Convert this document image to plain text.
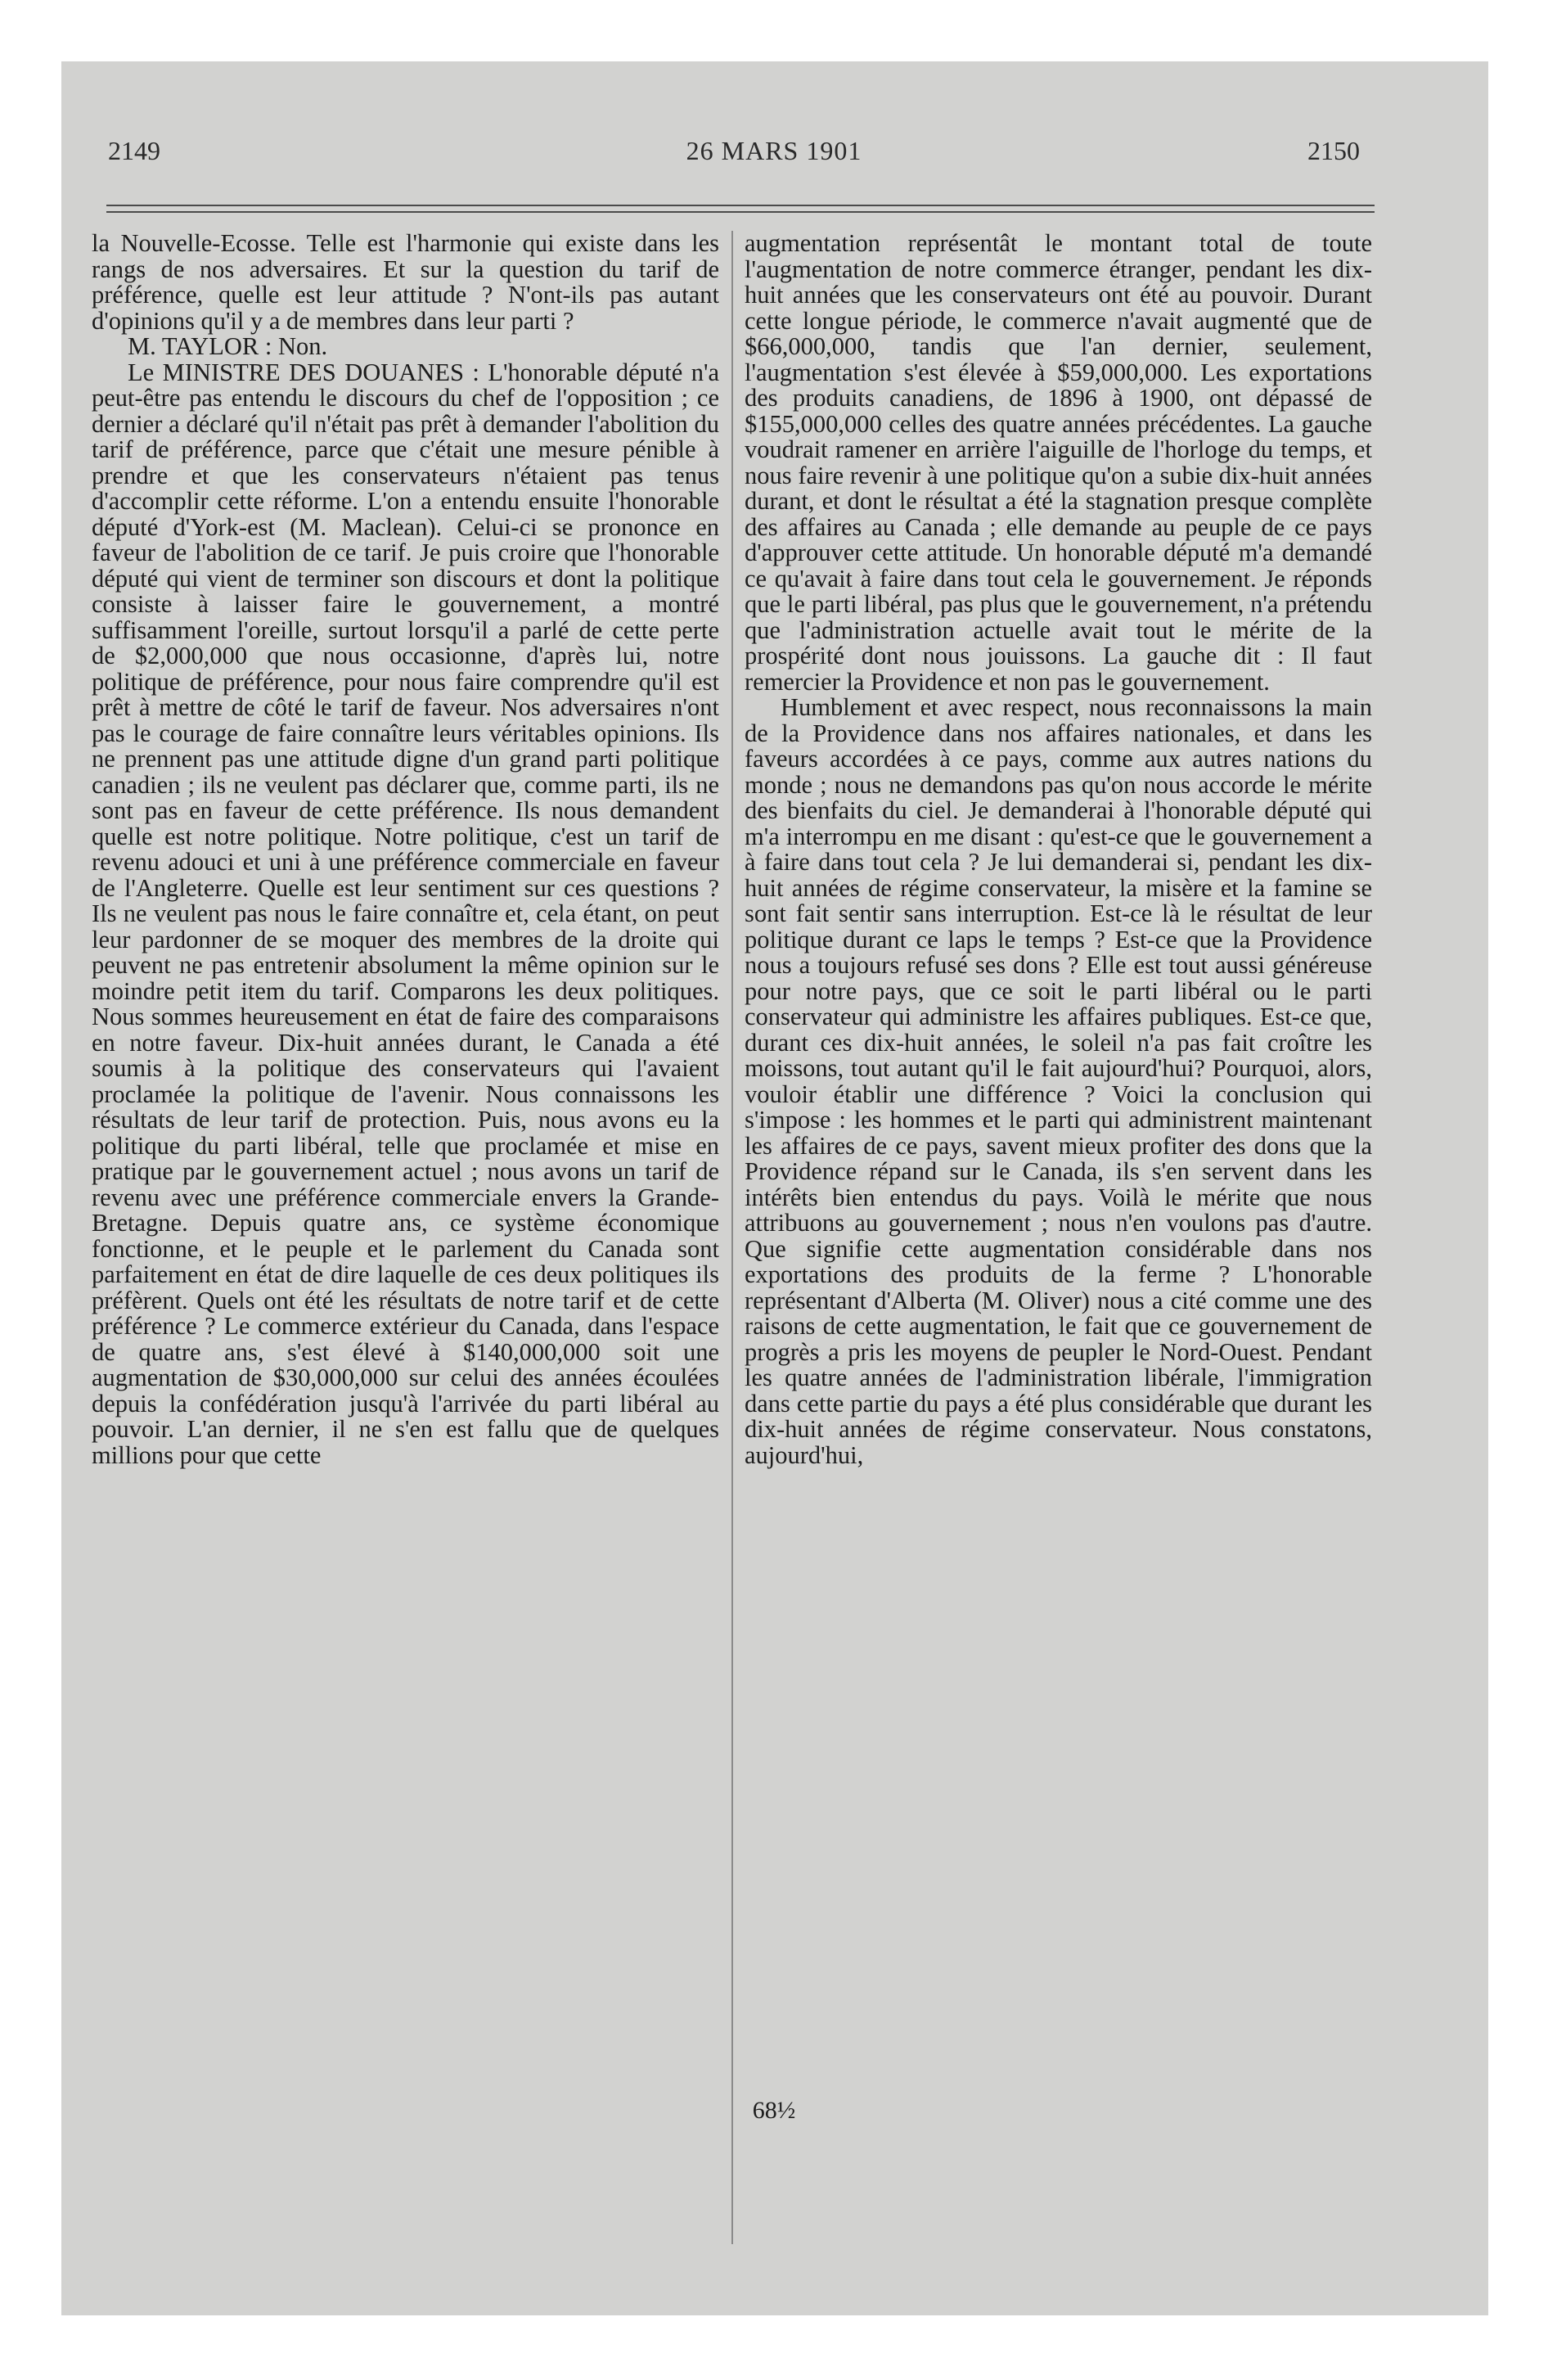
2149	26 MARS 1901	2150

la Nouvelle-Ecosse. Telle est l'harmonie qui existe dans les rangs de nos adversaires. Et sur la question du tarif de préférence, quelle est leur attitude ? N'ont-ils pas autant d'opinions qu'il y a de membres dans leur parti ?

M. TAYLOR : Non.

Le MINISTRE DES DOUANES : L'honorable député n'a peut-être pas entendu le discours du chef de l'opposition ; ce dernier a déclaré qu'il n'était pas prêt à demander l'abolition du tarif de préférence, parce que c'était une mesure pénible à prendre et que les conservateurs n'étaient pas tenus d'accomplir cette réforme. L'on a entendu ensuite l'honorable député d'York-est (M. Maclean). Celui-ci se prononce en faveur de l'abolition de ce tarif. Je puis croire que l'honorable député qui vient de terminer son discours et dont la politique consiste à laisser faire le gouvernement, a montré suffisamment l'oreille, surtout lorsqu'il a parlé de cette perte de $2,000,000 que nous occasionne, d'après lui, notre politique de préférence, pour nous faire comprendre qu'il est prêt à mettre de côté le tarif de faveur. Nos adversaires n'ont pas le courage de faire connaître leurs véritables opinions. Ils ne prennent pas une attitude digne d'un grand parti politique canadien ; ils ne veulent pas déclarer que, comme parti, ils ne sont pas en faveur de cette préférence. Ils nous demandent quelle est notre politique. Notre politique, c'est un tarif de revenu adouci et uni à une préférence commerciale en faveur de l'Angleterre. Quelle est leur sentiment sur ces questions ? Ils ne veulent pas nous le faire connaître et, cela étant, on peut leur pardonner de se moquer des membres de la droite qui peuvent ne pas entretenir absolument la même opinion sur le moindre petit item du tarif. Comparons les deux politiques. Nous sommes heureusement en état de faire des comparaisons en notre faveur. Dix-huit années durant, le Canada a été soumis à la politique des conservateurs qui l'avaient proclamée la politique de l'avenir. Nous connaissons les résultats de leur tarif de protection. Puis, nous avons eu la politique du parti libéral, telle que proclamée et mise en pratique par le gouvernement actuel ; nous avons un tarif de revenu avec une préférence commerciale envers la Grande-Bretagne. Depuis quatre ans, ce système économique fonctionne, et le peuple et le parlement du Canada sont parfaitement en état de dire laquelle de ces deux politiques ils préfèrent. Quels ont été les résultats de notre tarif et de cette préférence ? Le commerce extérieur du Canada, dans l'espace de quatre ans, s'est élevé à $140,000,000 soit une augmentation de $30,000,000 sur celui des années écoulées depuis la confédération jusqu'à l'arrivée du parti libéral au pouvoir. L'an dernier, il ne s'en est fallu que de quelques millions pour que cette

augmentation représentât le montant total de toute l'augmentation de notre commerce étranger, pendant les dix-huit années que les conservateurs ont été au pouvoir. Durant cette longue période, le commerce n'avait augmenté que de $66,000,000, tandis que l'an dernier, seulement, l'augmentation s'est élevée à $59,000,000. Les exportations des produits canadiens, de 1896 à 1900, ont dépassé de $155,000,000 celles des quatre années précédentes. La gauche voudrait ramener en arrière l'aiguille de l'horloge du temps, et nous faire revenir à une politique qu'on a subie dix-huit années durant, et dont le résultat a été la stagnation presque complète des affaires au Canada ; elle demande au peuple de ce pays d'approuver cette attitude. Un honorable député m'a demandé ce qu'avait à faire dans tout cela le gouvernement. Je réponds que le parti libéral, pas plus que le gouvernement, n'a prétendu que l'administration actuelle avait tout le mérite de la prospérité dont nous jouissons. La gauche dit : Il faut remercier la Providence et non pas le gouvernement.

Humblement et avec respect, nous reconnaissons la main de la Providence dans nos affaires nationales, et dans les faveurs accordées à ce pays, comme aux autres nations du monde ; nous ne demandons pas qu'on nous accorde le mérite des bienfaits du ciel. Je demanderai à l'honorable député qui m'a interrompu en me disant : qu'est-ce que le gouvernement a à faire dans tout cela ? Je lui demanderai si, pendant les dix-huit années de régime conservateur, la misère et la famine se sont fait sentir sans interruption. Est-ce là le résultat de leur politique durant ce laps le temps ? Est-ce que la Providence nous a toujours refusé ses dons ? Elle est tout aussi généreuse pour notre pays, que ce soit le parti libéral ou le parti conservateur qui administre les affaires publiques. Est-ce que, durant ces dix-huit années, le soleil n'a pas fait croître les moissons, tout autant qu'il le fait aujourd'hui? Pourquoi, alors, vouloir établir une différence ? Voici la conclusion qui s'impose : les hommes et le parti qui administrent maintenant les affaires de ce pays, savent mieux profiter des dons que la Providence répand sur le Canada, ils s'en servent dans les intérêts bien entendus du pays. Voilà le mérite que nous attribuons au gouvernement ; nous n'en voulons pas d'autre. Que signifie cette augmentation considérable dans nos exportations des produits de la ferme ? L'honorable représentant d'Alberta (M. Oliver) nous a cité comme une des raisons de cette augmentation, le fait que ce gouvernement de progrès a pris les moyens de peupler le Nord-Ouest. Pendant les quatre années de l'administration libérale, l'immigration dans cette partie du pays a été plus considérable que durant les dix-huit années de régime conservateur. Nous constatons, aujourd'hui,

68½
